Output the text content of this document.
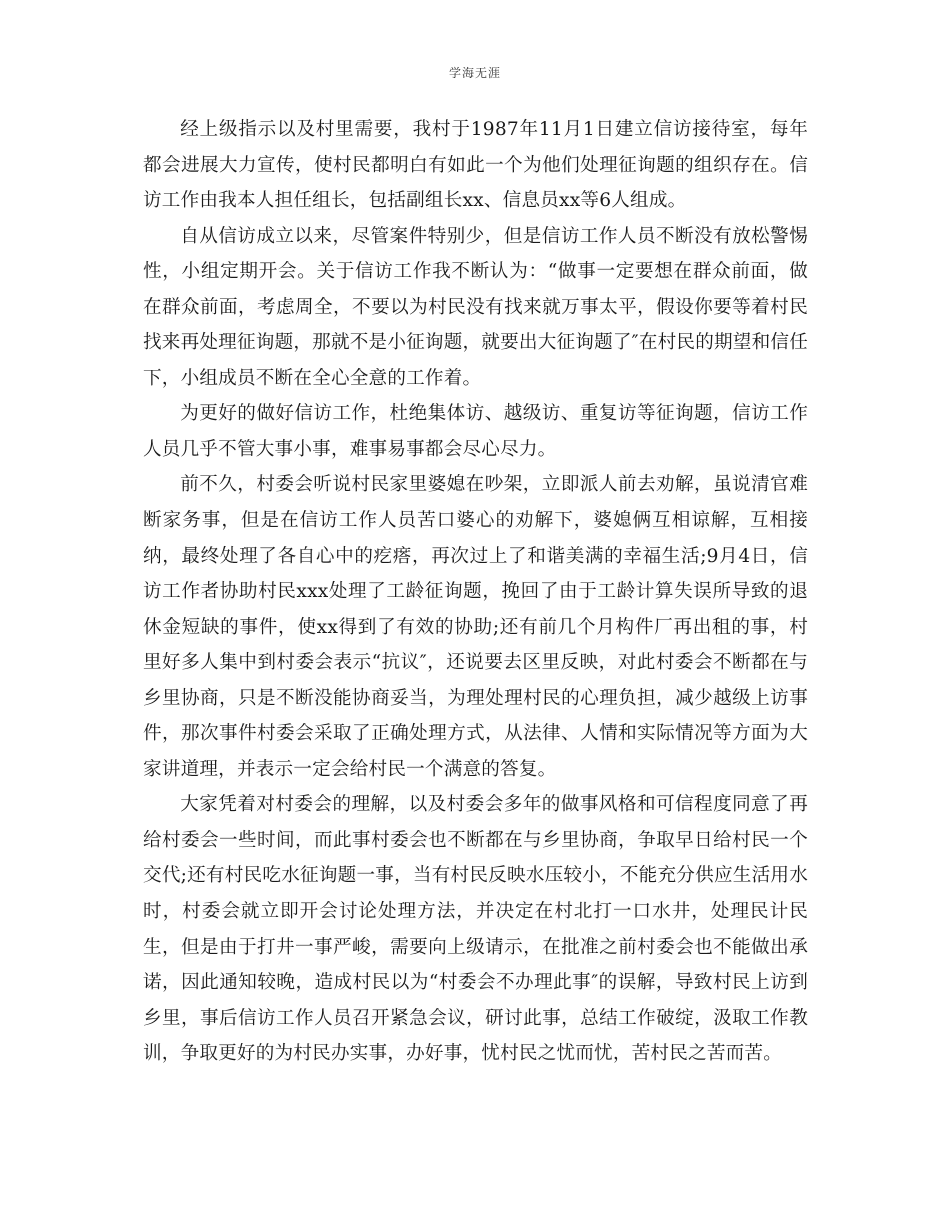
学海无涯

经上级指示以及村里需要，我村于1987年11月1日建立信访接待室，每年都会进展大力宣传，使村民都明白有如此一个为他们处理征询题的组织存在。信访工作由我本人担任组长，包括副组长xx、信息员xx等6人组成。

自从信访成立以来，尽管案件特别少，但是信访工作人员不断没有放松警惕性，小组定期开会。关于信访工作我不断认为：“做事一定要想在群众前面，做在群众前面，考虑周全，不要以为村民没有找来就万事太平，假设你要等着村民找来再处理征询题，那就不是小征询题，就要出大征询题了″在村民的期望和信任下，小组成员不断在全心全意的工作着。

为更好的做好信访工作，杜绝集体访、越级访、重复访等征询题，信访工作人员几乎不管大事小事，难事易事都会尽心尽力。

前不久，村委会听说村民家里婆媳在吵架，立即派人前去劝解，虽说清官难断家务事，但是在信访工作人员苦口婆心的劝解下，婆媳俩互相谅解，互相接纳，最终处理了各自心中的疙瘩，再次过上了和谐美满的幸福生活;9月4日，信访工作者协助村民xxx处理了工龄征询题，挽回了由于工龄计算失误所导致的退休金短缺的事件，使xx得到了有效的协助;还有前几个月构件厂再出租的事，村里好多人集中到村委会表示“抗议″，还说要去区里反映，对此村委会不断都在与乡里协商，只是不断没能协商妥当，为理处理村民的心理负担，减少越级上访事件，那次事件村委会采取了正确处理方式，从法律、人情和实际情况等方面为大家讲道理，并表示一定会给村民一个满意的答复。

大家凭着对村委会的理解，以及村委会多年的做事风格和可信程度同意了再给村委会一些时间，而此事村委会也不断都在与乡里协商，争取早日给村民一个交代;还有村民吃水征询题一事，当有村民反映水压较小，不能充分供应生活用水时，村委会就立即开会讨论处理方法，并决定在村北打一口水井，处理民计民生，但是由于打井一事严峻，需要向上级请示，在批准之前村委会也不能做出承诺，因此通知较晚，造成村民以为“村委会不办理此事″的误解，导致村民上访到乡里，事后信访工作人员召开紧急会议，研讨此事，总结工作破绽，汲取工作教训，争取更好的为村民办实事，办好事，忧村民之忧而忧，苦村民之苦而苦。
